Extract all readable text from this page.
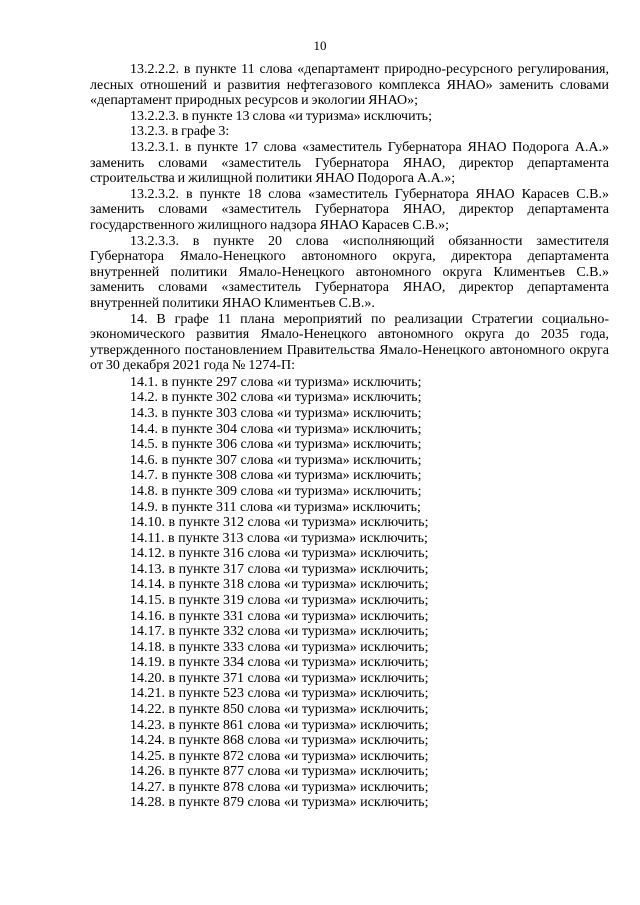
10

13.2.2.2. в пункте 11 слова «департамент природно-ресурсного регулирования, лесных отношений и развития нефтегазового комплекса ЯНАО» заменить словами «департамент природных ресурсов и экологии ЯНАО»;

13.2.2.3. в пункте 13 слова «и туризма» исключить;

13.2.3. в графе 3:

13.2.3.1. в пункте 17 слова «заместитель Губернатора ЯНАО Подорога А.А.» заменить словами «заместитель Губернатора ЯНАО, директор департамента строительства и жилищной политики ЯНАО Подорога А.А.»;

13.2.3.2. в пункте 18 слова «заместитель Губернатора ЯНАО Карасев С.В.» заменить словами «заместитель Губернатора ЯНАО, директор департамента государственного жилищного надзора ЯНАО Карасев С.В.»;

13.2.3.3. в пункте 20 слова «исполняющий обязанности заместителя Губернатора Ямало-Ненецкого автономного округа, директора департамента внутренней политики Ямало-Ненецкого автономного округа Климентьев С.В.» заменить словами «заместитель Губернатора ЯНАО, директор департамента внутренней политики ЯНАО Климентьев С.В.».

14. В графе 11 плана мероприятий по реализации Стратегии социально-экономического развития Ямало-Ненецкого автономного округа до 2035 года, утвержденного постановлением Правительства Ямало-Ненецкого автономного округа от 30 декабря 2021 года № 1274-П:

14.1. в пункте 297 слова «и туризма» исключить;

14.2. в пункте 302 слова «и туризма» исключить;

14.3. в пункте 303 слова «и туризма» исключить;

14.4. в пункте 304 слова «и туризма» исключить;

14.5. в пункте 306 слова «и туризма» исключить;

14.6. в пункте 307 слова «и туризма» исключить;

14.7. в пункте 308 слова «и туризма» исключить;

14.8. в пункте 309 слова «и туризма» исключить;

14.9. в пункте 311 слова «и туризма» исключить;

14.10. в пункте 312 слова «и туризма» исключить;

14.11. в пункте 313 слова «и туризма» исключить;

14.12. в пункте 316 слова «и туризма» исключить;

14.13. в пункте 317 слова «и туризма» исключить;

14.14. в пункте 318 слова «и туризма» исключить;

14.15. в пункте 319 слова «и туризма» исключить;

14.16. в пункте 331 слова «и туризма» исключить;

14.17. в пункте 332 слова «и туризма» исключить;

14.18. в пункте 333 слова «и туризма» исключить;

14.19. в пункте 334 слова «и туризма» исключить;

14.20. в пункте 371 слова «и туризма» исключить;

14.21. в пункте 523 слова «и туризма» исключить;

14.22. в пункте 850 слова «и туризма» исключить;

14.23. в пункте 861 слова «и туризма» исключить;

14.24. в пункте 868 слова «и туризма» исключить;

14.25. в пункте 872 слова «и туризма» исключить;

14.26. в пункте 877 слова «и туризма» исключить;

14.27. в пункте 878 слова «и туризма» исключить;

14.28. в пункте 879 слова «и туризма» исключить;
